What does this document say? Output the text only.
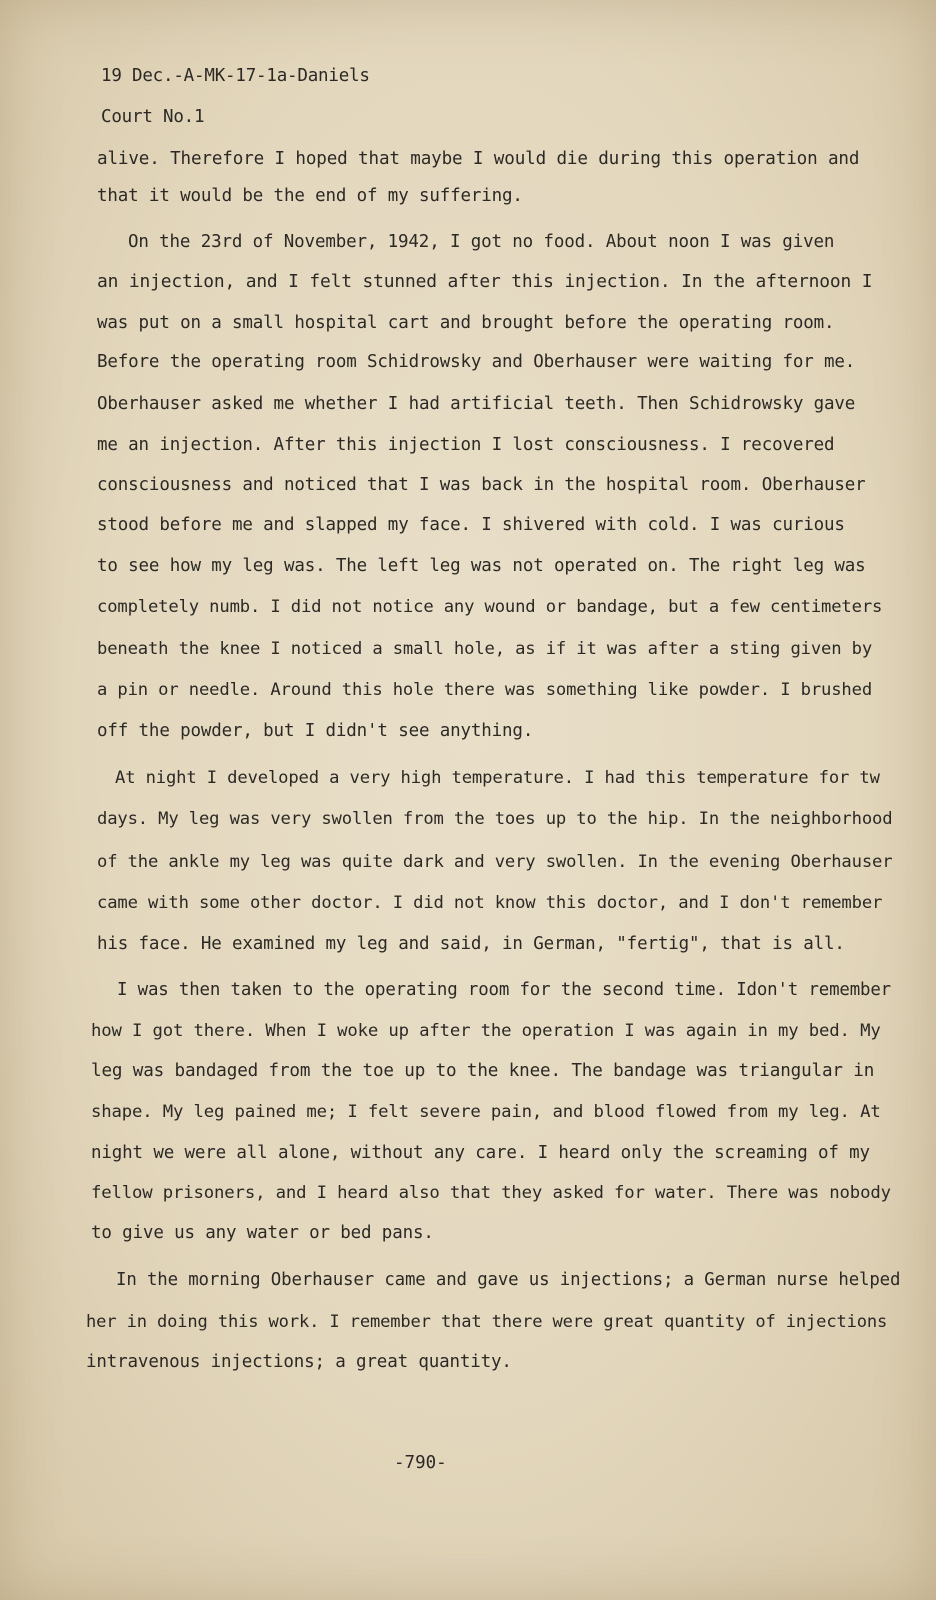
19 Dec.-A-MK-17-1a-Daniels

Court No.1

alive. Therefore I hoped that maybe I would die during this operation and

that it would be the end of my suffering.

On the 23rd of November, 1942, I got no food. About noon I was given

an injection, and I felt stunned after this injection. In the afternoon I

was put on a small hospital cart and brought before the operating room.

Before the operating room Schidrowsky and Oberhauser were waiting for me.

Oberhauser asked me whether I had artificial teeth. Then Schidrowsky gave

me an injection. After this injection I lost consciousness. I recovered

consciousness and noticed that I was back in the hospital room. Oberhauser

stood before me and slapped my face. I shivered with cold. I was curious

to see how my leg was. The left leg was not operated on. The right leg was

completely numb. I did not notice any wound or bandage, but a few centimeters

beneath the knee I noticed a small hole, as if it was after a sting given by

a pin or needle. Around this hole there was something like powder. I brushed

off the powder, but I didn't see anything.

At night I developed a very high temperature. I had this temperature for tw

days. My leg was very swollen from the toes up to the hip. In the neighborhood

of the ankle my leg was quite dark and very swollen. In the evening Oberhauser

came with some other doctor. I did not know this doctor, and I don't remember

his face. He examined my leg and said, in German, "fertig", that is all.

I was then taken to the operating room for the second time. Idon't remember

how I got there. When I woke up after the operation I was again in my bed. My

leg was bandaged from the toe up to the knee. The bandage was triangular in

shape. My leg pained me; I felt severe pain, and blood flowed from my leg. At

night we were all alone, without any care. I heard only the screaming of my

fellow prisoners, and I heard also that they asked for water. There was nobody

to give us any water or bed pans.

In the morning Oberhauser came and gave us injections; a German nurse helped

her in doing this work. I remember that there were great quantity of injections

intravenous injections; a great quantity.

-790-
